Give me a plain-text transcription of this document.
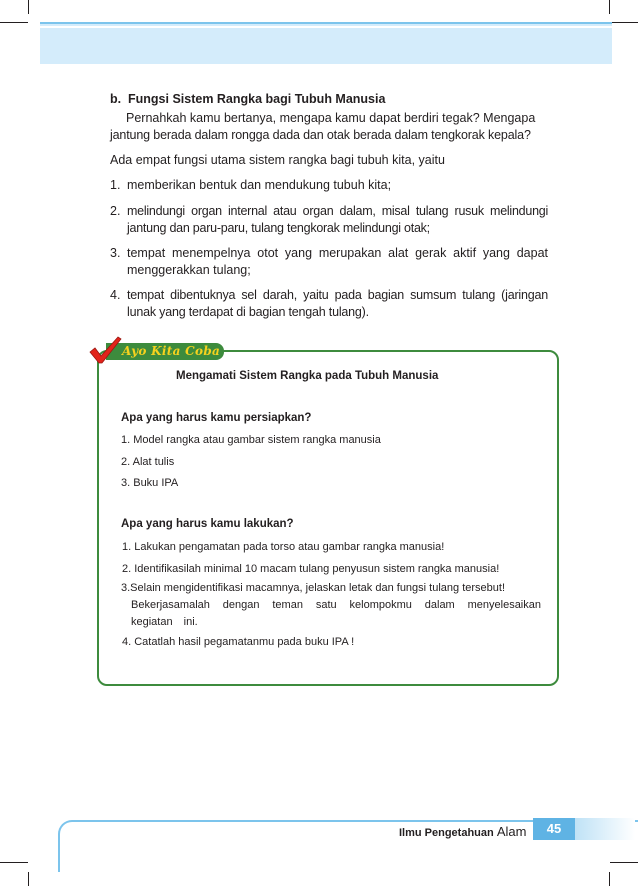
b. Fungsi Sistem Rangka bagi Tubuh Manusia
Pernahkah kamu bertanya, mengapa kamu dapat berdiri tegak? Mengapa
jantung berada dalam rongga dada dan otak berada dalam tengkorak kepala?
Ada empat fungsi utama sistem rangka bagi tubuh kita, yaitu
1. memberikan bentuk dan mendukung tubuh kita;
2. melindungi organ internal atau organ dalam, misal tulang rusuk melindungi jantung dan paru-paru, tulang tengkorak melindungi otak;
3. tempat menempelnya otot yang merupakan alat gerak aktif yang dapat menggerakkan tulang;
4. tempat dibentuknya sel darah, yaitu pada bagian sumsum tulang (jaringan lunak yang terdapat di bagian tengah tulang).
Ayo Kita Coba
Mengamati Sistem Rangka pada Tubuh Manusia
Apa yang harus kamu persiapkan?
1. Model rangka atau gambar sistem rangka manusia
2. Alat tulis
3. Buku IPA
Apa yang harus kamu lakukan?
1. Lakukan pengamatan pada torso atau gambar rangka manusia!
2. Identifikasilah minimal 10 macam tulang penyusun sistem rangka manusia!
3.Selain mengidentifikasi macamnya, jelaskan letak dan fungsi tulang tersebut!
Bekerjasamalah dengan teman satu kelompokmu dalam menyelesaikan kegiatan ini.
4. Catatlah hasil pegamatanmu pada buku IPA !
Ilmu Pengetahuan Alam	45
